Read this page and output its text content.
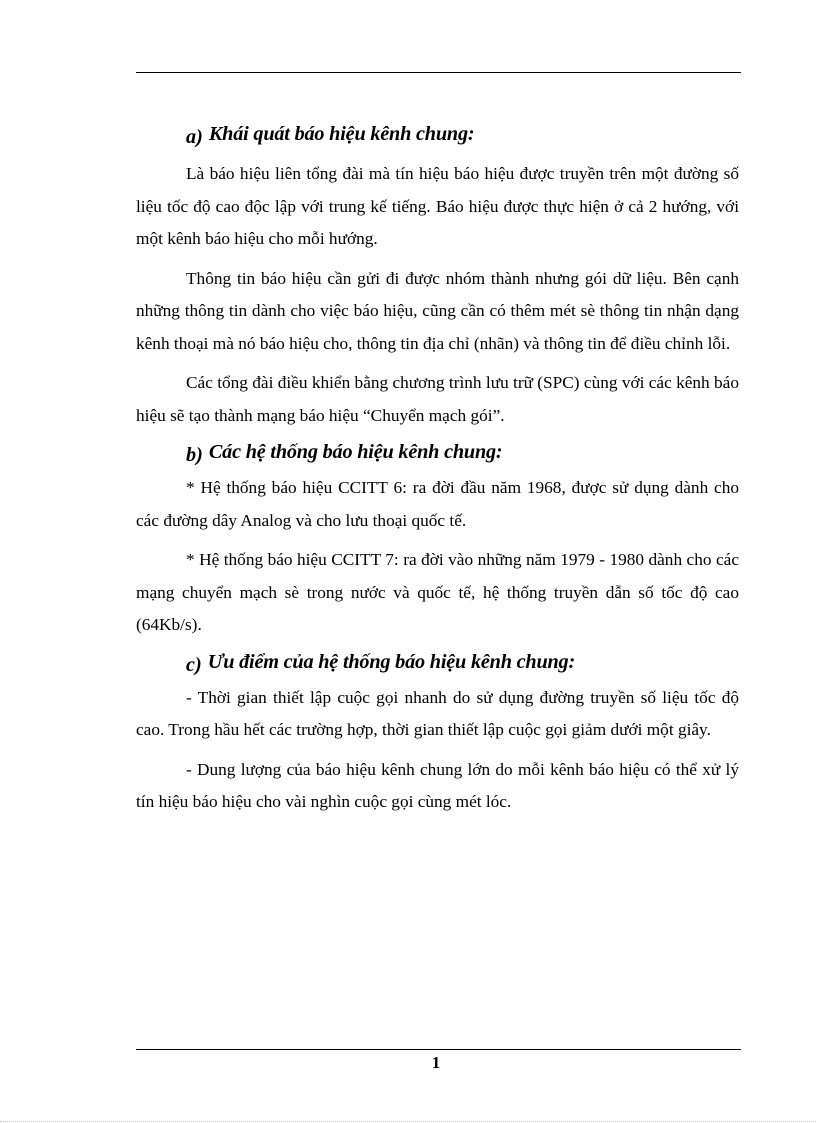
a) Khái quát báo hiệu kênh chung:

Là báo hiệu liên tổng đài mà tín hiệu báo hiệu được truyền trên một đường số liệu tốc độ cao độc lập với trung kế tiếng. Báo hiệu được thực hiện ở cả 2 hướng, với một kênh báo hiệu cho mỗi hướng.

Thông tin báo hiệu cần gửi đi được nhóm thành nhưng gói dữ liệu. Bên cạnh những thông tin dành cho việc báo hiệu, cũng cần có thêm mét sè thông tin nhận dạng kênh thoại mà nó báo hiệu cho, thông tin địa chỉ (nhãn) và thông tin để điều chỉnh lỗi.

Các tổng đài điều khiển bằng chương trình lưu trữ (SPC) cùng với các kênh báo hiệu sẽ tạo thành mạng báo hiệu “Chuyển mạch gói”.

b) Các hệ thống báo hiệu kênh chung:

* Hệ thống báo hiệu CCITT 6: ra đời đầu năm 1968, được sử dụng dành cho các đường dây Analog và cho lưu thoại quốc tế.

* Hệ thống báo hiệu CCITT 7: ra đời vào những năm 1979 - 1980 dành cho các mạng chuyển mạch sè trong nước và quốc tế, hệ thống truyền dẫn số tốc độ cao (64Kb/s).

c) Ưu điểm của hệ thống báo hiệu kênh chung:

- Thời gian thiết lập cuộc gọi nhanh do sử dụng đường truyền số liệu tốc độ cao. Trong hầu hết các trường hợp, thời gian thiết lập cuộc gọi giảm dưới một giây.

- Dung lượng của báo hiệu kênh chung lớn do mỗi kênh báo hiệu có thể xử lý tín hiệu báo hiệu cho vài nghìn cuộc gọi cùng mét lóc.

1
